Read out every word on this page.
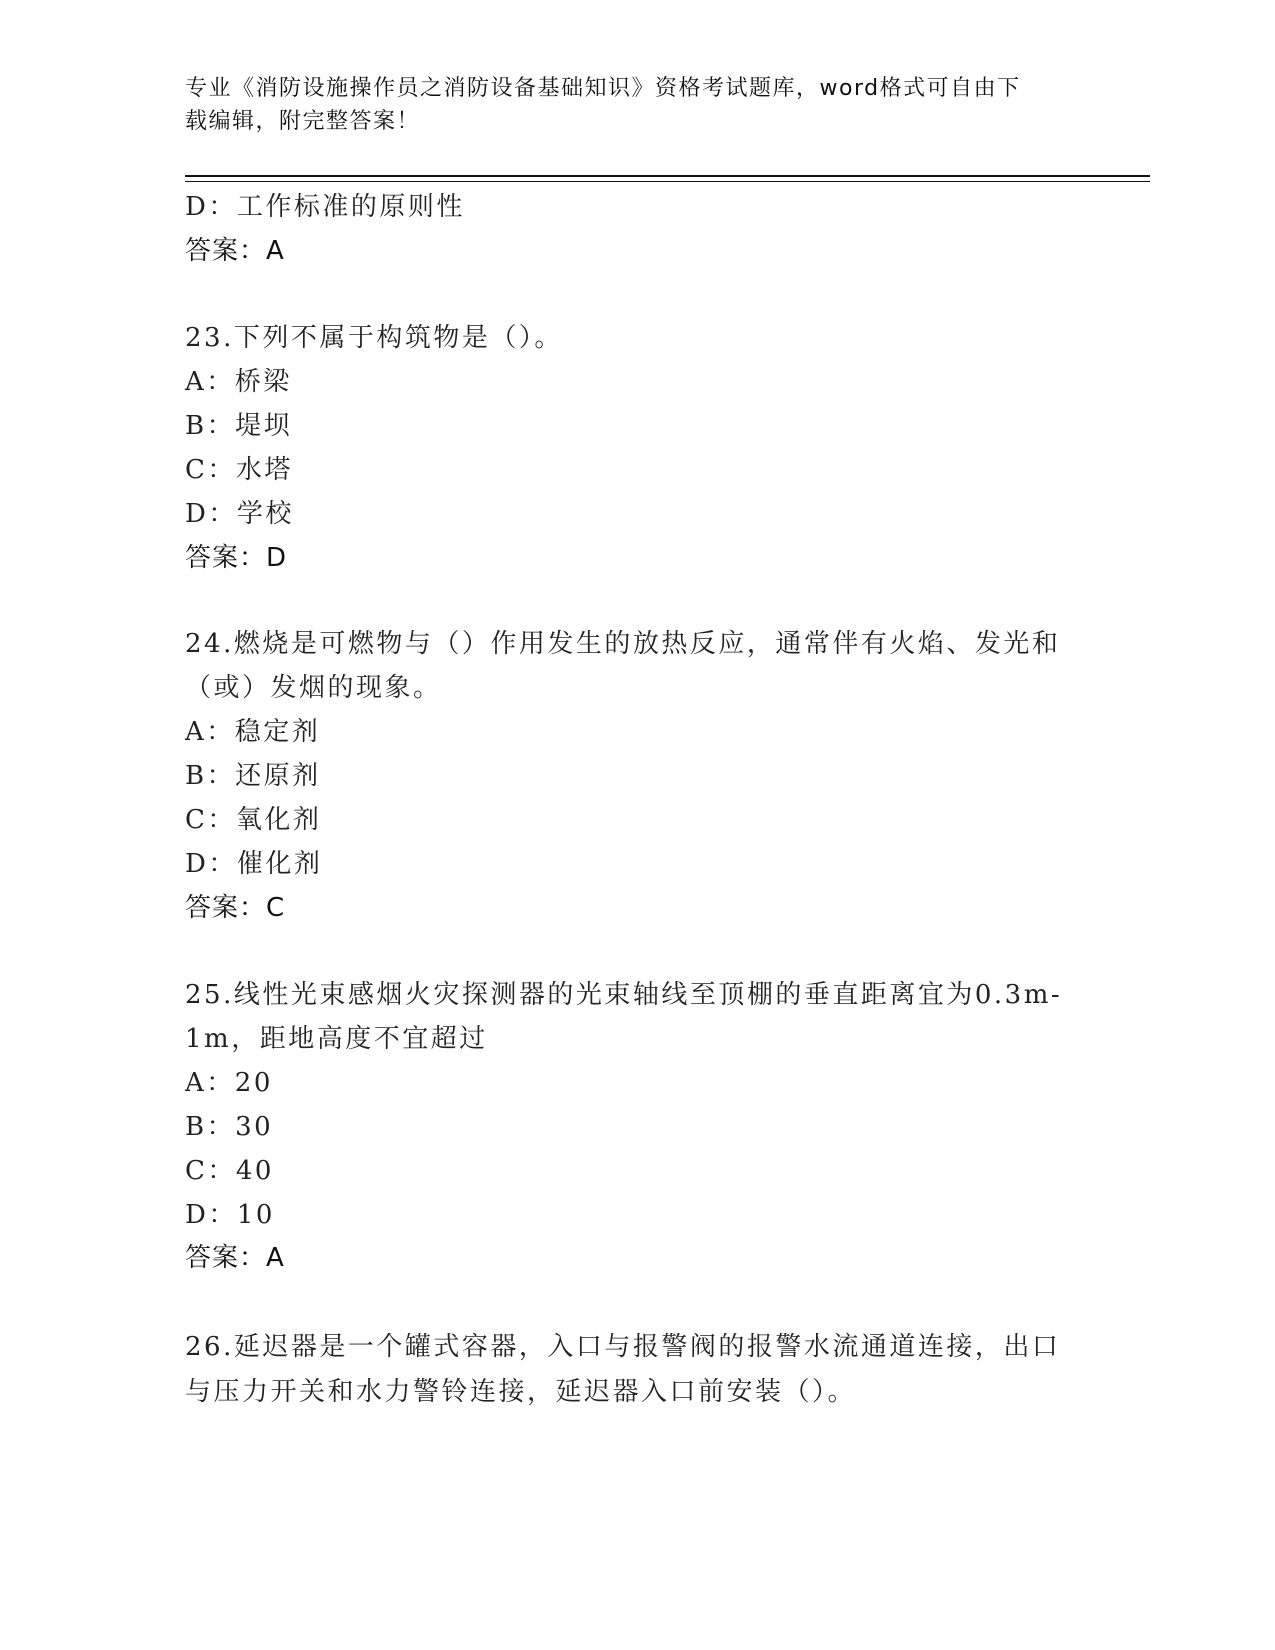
专业《消防设施操作员之消防设备基础知识》资格考试题库，word格式可自由下
载编辑，附完整答案！
D：工作标准的原则性
答案：A
23.下列不属于构筑物是（）。
A：桥梁
B：堤坝
C：水塔
D：学校
答案：D
24.燃烧是可燃物与（）作用发生的放热反应，通常伴有火焰、发光和
（或）发烟的现象。
A：稳定剂
B：还原剂
C：氧化剂
D：催化剂
答案：C
25.线性光束感烟火灾探测器的光束轴线至顶棚的垂直距离宜为0.3m-
1m，距地高度不宜超过
A：20
B：30
C：40
D：10
答案：A
26.延迟器是一个罐式容器，入口与报警阀的报警水流通道连接，出口
与压力开关和水力警铃连接，延迟器入口前安装（）。
